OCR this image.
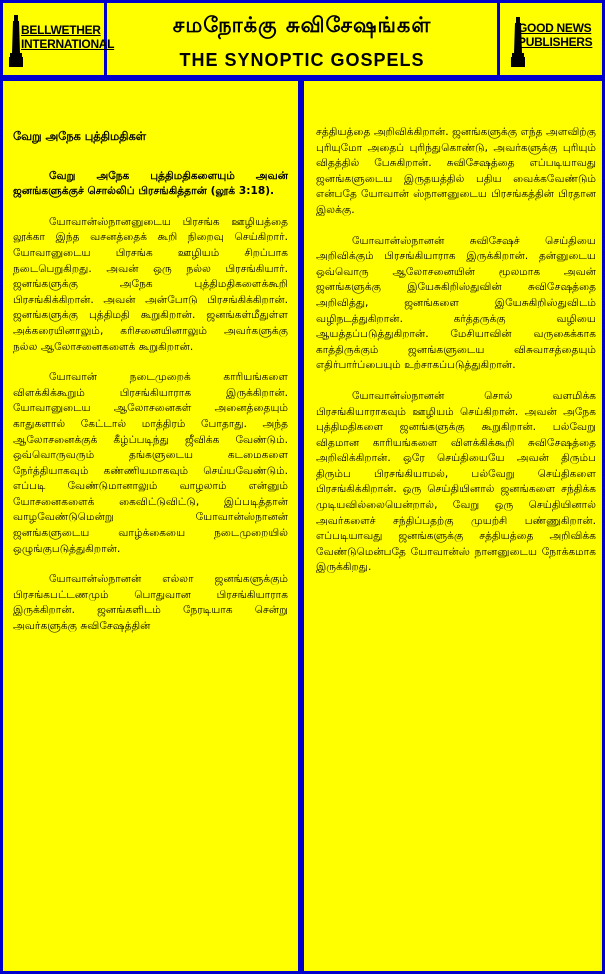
BELLWETHER
INTERNATIONAL
சமநோக்கு சுவிசேஷங்கள்
THE SYNOPTIC GOSPELS
GOOD NEWS
PUBLISHERS
வேறு அநேக புத்திமதிகள்
வேறு அநேக புத்திமதிகளையும் அவன் ஜனங்களுக்குச் சொல்லிப் பிரசங்கித்தான் (லூக் 3:18).

யோவான்ஸ்நானனுடைய பிரசங்க ஊழியத்தை லூக்கா இந்த வசனத்தைக் கூறி நிறைவு செய்கிறார். யோவானுடைய பிரசங்க ஊழியம் சிறப்பாக நடைபெறுகிறது. அவன் ஒரு நல்ல பிரசங்கியார். ஜனங்களுக்கு அநேக புத்திமதிகளைக்கூறி பிரசங்கிக்கிறான். அவன் அன்போடு பிரசங்கிக்கிறான். ஜனங்களுக்கு புத்திமதி கூறுகிறான். ஜனங்கள்மீதுள்ள அக்கரையினாலும், கரிசனையினாலும் அவர்களுக்கு நல்ல ஆலோசனைகளைக் கூறுகிறான்.

யோவான் நடைமுறைக் காரியங்களை விளக்கிக்கூறும் பிரசங்கியாராக இருக்கிறான். யோவானுடைய ஆலோசனைகள் அனைத்தையும் காதுகளால் கேட்டால் மாத்திரம் போதாது. அந்த ஆலோசனைக்குக் கீழ்ப்படிந்து ஜீவிக்க வேண்டும். ஒவ்வொருவரும் தங்களுடைய கடமைகளை நேர்த்தியாகவும் கண்ணியமாகவும் செய்யவேண்டும். எப்படி வேண்டுமானாலும் வாழலாம் என்னும் யோசனைகளைக் கைவிட்டுவிட்டு, இப்படித்தான் வாழவேண்டுமென்று யோவான்ஸ்நானன் ஜனங்களுடைய வாழ்க்கையை நடைமுறையில் ஒழுங்குபடுத்துகிறான்.

யோவான்ஸ்நானன் எல்லா ஜனங்களுக்கும் பிரசங்கபட்டணமும் பொதுவான பிரசங்கியாராக இருக்கிறான். ஜனங்களிடம் நேரடியாக சென்று அவர்களுக்கு சுவிசேஷத்தின்

சத்தியத்தை அறிவிக்கிறான். ஜனங்களுக்கு எந்த அளவிற்கு புரியுமோ அதைப் புரிந்துகொண்டு, அவர்களுக்கு புரியும் விதத்தில் பேசுகிறான். சுவிசேஷத்தை எப்படியாவது ஜனங்களுடைய இருதயத்தில் பதிய வைக்கவேண்டும் என்பதே யோவான் ஸ்நானனுடைய பிரசங்கத்தின் பிரதான இலக்கு.

யோவான்ஸ்நானன் சுவிசேஷச் செய்தியை அறிவிக்கும் பிரசங்கியாராக இருக்கிறான். தன்னுடைய ஒவ்வொரு ஆலோசனையின் மூலமாக அவன் ஜனங்களுக்கு இயேசுகிறிஸ்துவின் சுவிசேஷத்தை அறிவித்து, ஜனங்களை இயேசுகிறிஸ்துவிடம் வழிநடத்துகிறான். கர்த்தருக்கு வழியை ஆயத்தப்படுத்துகிறான். மேசியாவின் வருகைக்காக காத்திருக்கும் ஜனங்களுடைய விசுவாசத்தையும் எதிர்பார்ப்பையும் உற்சாகப்படுத்துகிறான்.

யோவான்ஸ்நானன் சொல் வளமிக்க பிரசங்கியாராகவும் ஊழியம் செய்கிறான். அவன் அநேக புத்திமதிகளை ஜனங்களுக்கு கூறுகிறான். பல்வேறு விதமான காரியங்களை விளக்கிக்கூறி சுவிசேஷத்தை அறிவிக்கிறான். ஒரே செய்தியையே அவன் திரும்ப திரும்ப பிரசங்கியாமல், பல்வேறு செய்திகளை பிரசங்கிக்கிறான். ஒரு செய்தியினால் ஜனங்களை சந்திக்க முடியவில்லையென்றால், வேறு ஒரு செய்தியினால் அவர்களைச் சந்திப்பதற்கு முயற்சி பண்ணுகிறான். எப்படியாவது ஜனங்களுக்கு சத்தியத்தை அறிவிக்க வேண்டுமென்பதே யோவான்ஸ் நானனுடைய நோக்கமாக இருக்கிறது.
